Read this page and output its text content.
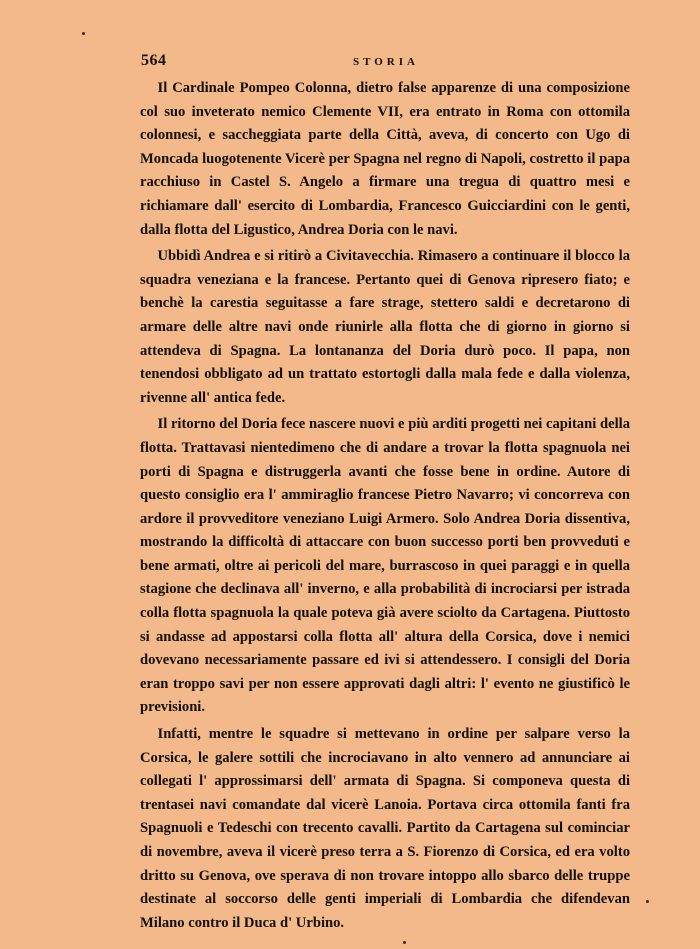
564	STORIA

Il Cardinale Pompeo Colonna, dietro false apparenze di una composizione col suo inveterato nemico Clemente VII, era entrato in Roma con ottomila colonnesi, e saccheggiata parte della Città, aveva, di concerto con Ugo di Moncada luogotenente Vicerè per Spagna nel regno di Napoli, costretto il papa racchiuso in Castel S. Angelo a firmare una tregua di quattro mesi e richiamare dall' esercito di Lombardia, Francesco Guicciardini con le genti, dalla flotta del Ligustico, Andrea Doria con le navi.

Ubbidì Andrea e si ritirò a Civitavecchia. Rimasero a continuare il blocco la squadra veneziana e la francese. Pertanto quei di Genova ripresero fiato; e benchè la carestia seguitasse a fare strage, stettero saldi e decretarono di armare delle altre navi onde riunirle alla flotta che di giorno in giorno si attendeva di Spagna. La lontananza del Doria durò poco. Il papa, non tenendosi obbligato ad un trattato estortogli dalla mala fede e dalla violenza, rivenne all' antica fede.

Il ritorno del Doria fece nascere nuovi e più arditi progetti nei capitani della flotta. Trattavasi nientedimeno che di andare a trovar la flotta spagnuola nei porti di Spagna e distruggerla avanti che fosse bene in ordine. Autore di questo consiglio era l' ammiraglio francese Pietro Navarro; vi concorreva con ardore il provveditore veneziano Luigi Armero. Solo Andrea Doria dissentiva, mostrando la difficoltà di attaccare con buon successo porti ben provveduti e bene armati, oltre ai pericoli del mare, burrascoso in quei paraggi e in quella stagione che declinava all' inverno, e alla probabilità di incrociarsi per istrada colla flotta spagnuola la quale poteva già avere sciolto da Cartagena. Piuttosto si andasse ad appostarsi colla flotta all' altura della Corsica, dove i nemici dovevano necessariamente passare ed ivi si attendessero. I consigli del Doria eran troppo savi per non essere approvati dagli altri: l' evento ne giustificò le previsioni.

Infatti, mentre le squadre si mettevano in ordine per salpare verso la Corsica, le galere sottili che incrociavano in alto vennero ad annunciare ai collegati l' approssimarsi dell' armata di Spagna. Si componeva questa di trentasei navi comandate dal vicerè Lanoia. Portava circa ottomila fanti fra Spagnuoli e Tedeschi con trecento cavalli. Partito da Cartagena sul cominciar di novembre, aveva il vicerè preso terra a S. Fiorenzo di Corsica, ed era volto dritto su Genova, ove sperava di non trovare intoppo allo sbarco delle truppe destinate al soccorso delle genti imperiali di Lombardia che difendevan Milano contro il Duca d' Urbino.
